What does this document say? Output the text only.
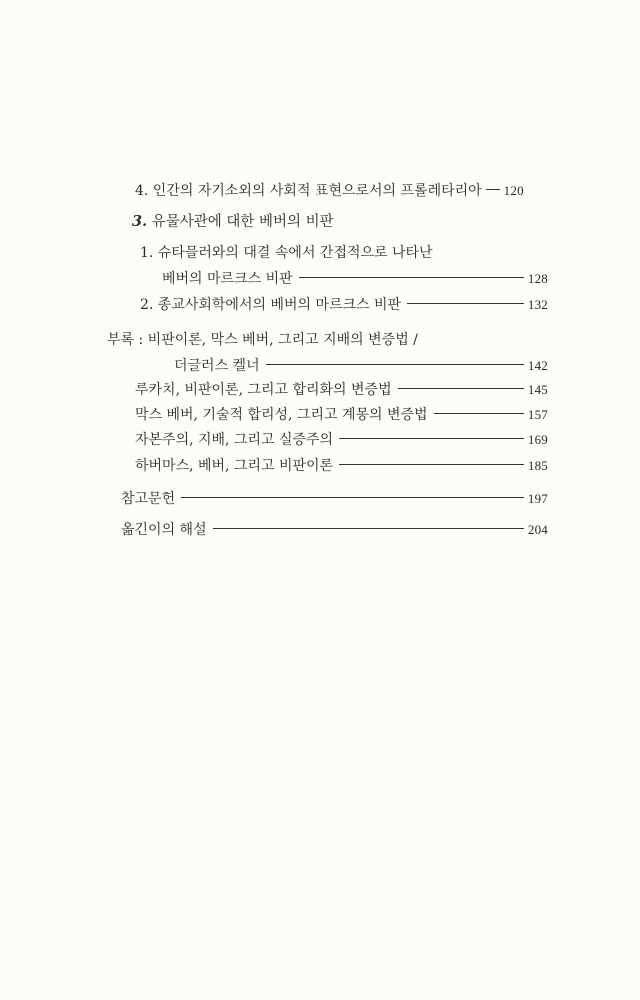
4. 인간의 자기소외의 사회적 표현으로서의 프롤레타리아 120
3. 유물사관에 대한 베버의 비판
1. 슈타믈러와의 대결 속에서 간접적으로 나타난
베버의 마르크스 비판	128
2. 종교사회학에서의 베버의 마르크스 비판	132
부록 : 비판이론, 막스 베버, 그리고 지배의 변증법 /
더글러스 켈너	142
루카치, 비판이론, 그리고 합리화의 변증법	145
막스 베버, 기술적 합리성, 그리고 계몽의 변증법	157
자본주의, 지배, 그리고 실증주의	169
하버마스, 베버, 그리고 비판이론	185
참고문헌	197
옮긴이의 해설	204
